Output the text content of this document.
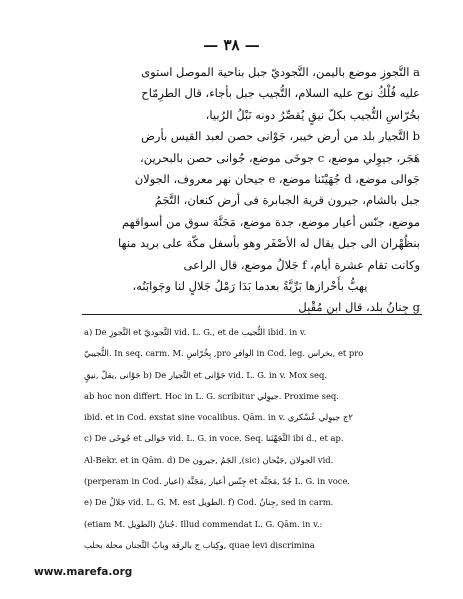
— ٣٨ —

a التَّجوزِ موضع باليمن، التَّجوديّ جبل بناحية الموصل استوى

عليه فُلْكُ نوح عليه السلام، التُّجيب جبل بأجاء، قال الطرِمّاح

بخُرّاسِ التُّجيب بكلّ نيقٍ يُقصِّرُ دونه نَبْلُ الرُبيا،

b التَّجيار بلد من أرض خيبر، جَوْانى حصن لعبد القيس بأرض

هَجَر، جيوِلي موضع، c جوخَى موضع، جُوانى حصن بالبحرين،

جَوالى موضع، d جُهَيْنَنا موضع، e جيحان نهر معروف، الجولان

جبل بالشام، جيرون قرية الجبابرة فى أرض كنعان، التَّجَمُ

موضع، جنّس أعيار موضع، جدة موضع، مَجَنَّة سوق من أسواقهم

بنظُهْران الى جبل يقال له الأصْفَر وهو بأسفل مكّة على بريد منها

وكانت تقام عشرة أيام، f جَلالُ موضع، قال الراعى

يهبُّ بأَحْرازها بَرِّيَّةً بعدما بَدَا رَمْلُ جَلالٍ لنا وجَوابَنُه،

g جِنانُ بلد، قال ابن مُقْبِل

a) De التَّجوزِ et التَّجوديّ vid. L. G., et de التُّجيب ibid. in v.

التُّجيبيّ. In seq. carm. M. بِخُرّاسِ ,pro الوافرِ in Cod. leg. بخراس, et pro

جَوْانى ,يقلّ ,نيقٍ b) De التَّجيار et جَوْانى vid. L. G. in v. Mox seq.

ab hoc non differt. Hoc in L. G. scribitur جيوِلي. Proxime seq.

ibid. et in Cod. exstat sine vocalibus. Qām. in v. ٢ج جيوِلي عُسْكري

c) De جُوخَى et جَوالى vid. L. G. in voce. Seq. التَّجَهْنَنا ibi d., et ap.

Al-Bekr. et in Qām. d) De الجَمُ ,جيرون ,(sic) الجولان ,جَيْحان vid.

(perperam in Cod. اعيار) جِنّس أعيار ,مَجَنَّة et جُدّ ,مَجَنَّة L. G. in voce.

e) De جَلالُ vid. L. G. M. est الطويل. f) Cod. جِنانُ, sed in carm.

(etiam M. الطويل) جُنانُ. Illud commendat L. G. Qām. in v.:

وكِتاب ج بالرقة وبابُ التَّجنان محلة بحلب, quae levi discrimina

www.marefa.org
